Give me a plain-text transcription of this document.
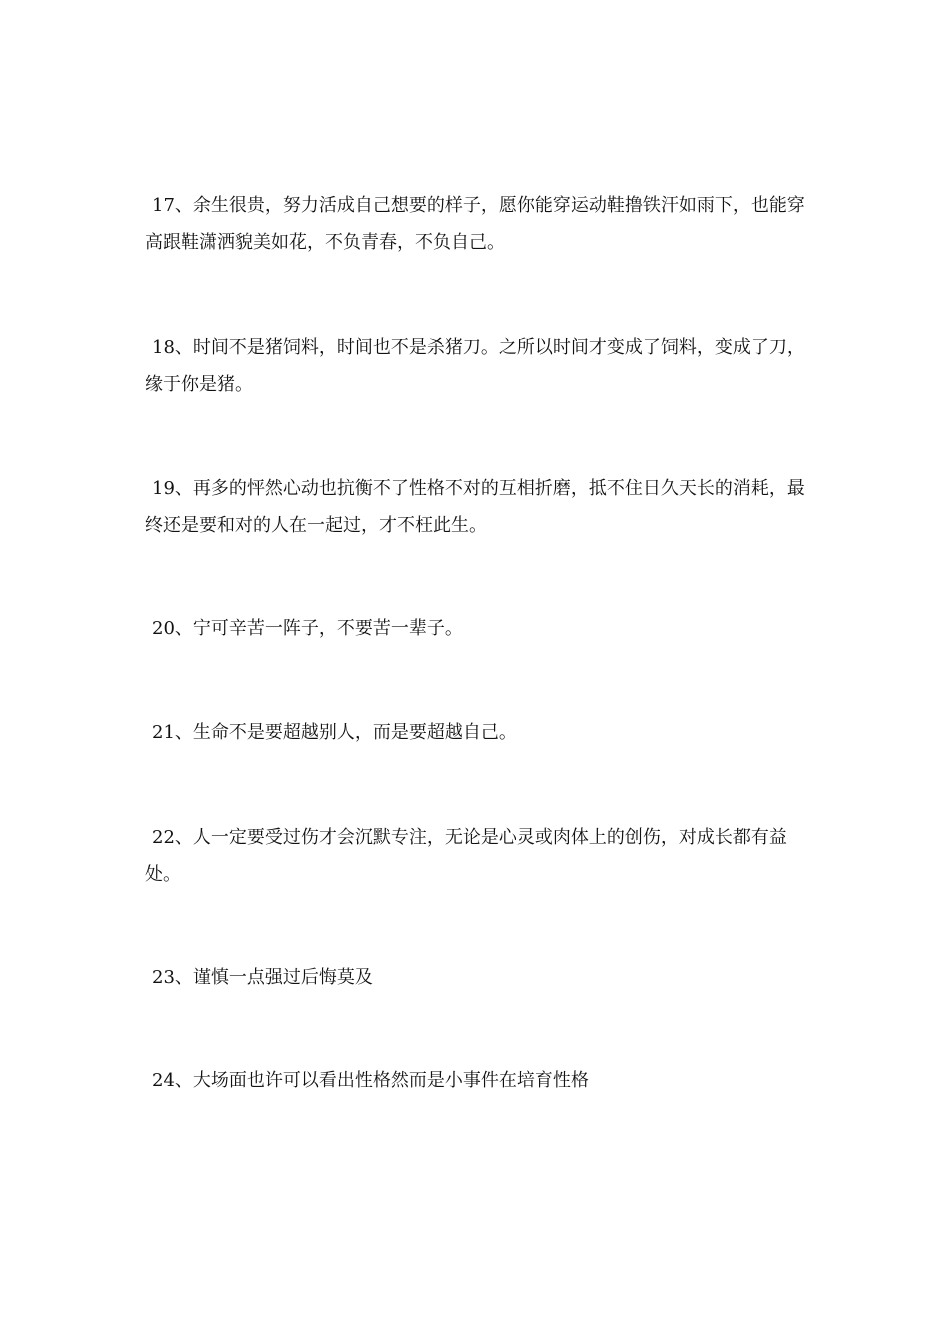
17、余生很贵，努力活成自己想要的样子，愿你能穿运动鞋撸铁汗如雨下，也能穿高跟鞋潇洒貌美如花，不负青春，不负自己。

18、时间不是猪饲料，时间也不是杀猪刀。之所以时间才变成了饲料，变成了刀，缘于你是猪。

19、再多的怦然心动也抗衡不了性格不对的互相折磨，抵不住日久天长的消耗，最终还是要和对的人在一起过，才不枉此生。

20、宁可辛苦一阵子，不要苦一辈子。

21、生命不是要超越别人，而是要超越自己。

22、人一定要受过伤才会沉默专注，无论是心灵或肉体上的创伤，对成长都有益处。

23、谨慎一点强过后悔莫及

24、大场面也许可以看出性格然而是小事件在培育性格
